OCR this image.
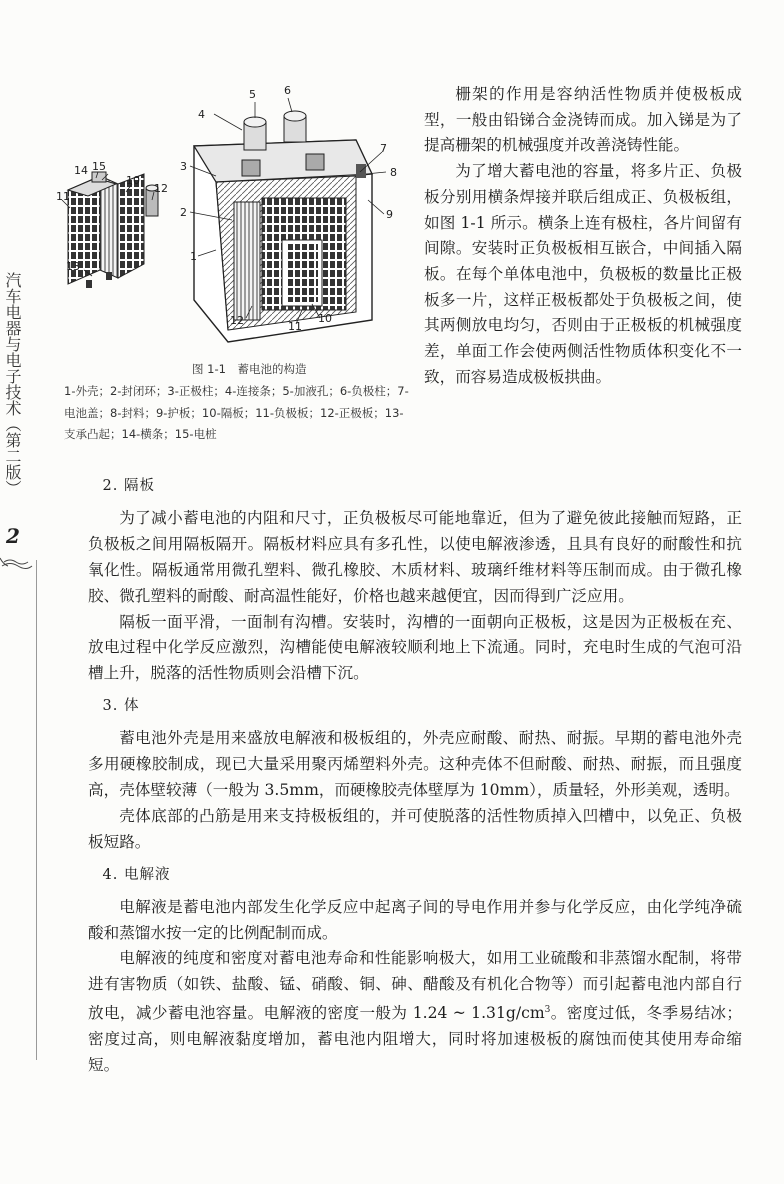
汽车电器与电子技术（第二版）
2
5	6
4
3
7
8
2	9
1
15
14
10
12
11
13
12	11
10
图 1-1　蓄电池的构造
1-外壳；2-封闭环；3-正极柱；4-连接条；5-加液孔；6-负极柱；7-电池盖；8-封料；9-护板；10-隔板；11-负极板；12-正极板；13-支承凸起；14-横条；15-电桩

栅架的作用是容纳活性物质并使极板成型，一般由铅锑合金浇铸而成。加入锑是为了提高栅架的机械强度并改善浇铸性能。

为了增大蓄电池的容量，将多片正、负极板分别用横条焊接并联后组成正、负极板组，如图 1-1 所示。横条上连有极柱，各片间留有间隙。安装时正负极板相互嵌合，中间插入隔板。在每个单体电池中，负极板的数量比正极板多一片，这样正极板都处于负极板之间，使其两侧放电均匀，否则由于正极板的机械强度差，单面工作会使两侧活性物质体积变化不一致，而容易造成极板拱曲。

2. 隔板

为了减小蓄电池的内阻和尺寸，正负极板尽可能地靠近，但为了避免彼此接触而短路，正负极板之间用隔板隔开。隔板材料应具有多孔性，以使电解液渗透，且具有良好的耐酸性和抗氧化性。隔板通常用微孔塑料、微孔橡胶、木质材料、玻璃纤维材料等压制而成。由于微孔橡胶、微孔塑料的耐酸、耐高温性能好，价格也越来越便宜，因而得到广泛应用。

隔板一面平滑，一面制有沟槽。安装时，沟槽的一面朝向正极板，这是因为正极板在充、放电过程中化学反应激烈，沟槽能使电解液较顺利地上下流通。同时，充电时生成的气泡可沿槽上升，脱落的活性物质则会沿槽下沉。

3. 体

蓄电池外壳是用来盛放电解液和极板组的，外壳应耐酸、耐热、耐振。早期的蓄电池外壳多用硬橡胶制成，现已大量采用聚丙烯塑料外壳。这种壳体不但耐酸、耐热、耐振，而且强度高，壳体壁较薄（一般为 3.5mm，而硬橡胶壳体壁厚为 10mm），质量轻，外形美观，透明。

壳体底部的凸筋是用来支持极板组的，并可使脱落的活性物质掉入凹槽中，以免正、负极板短路。

4. 电解液

电解液是蓄电池内部发生化学反应中起离子间的导电作用并参与化学反应，由化学纯净硫酸和蒸馏水按一定的比例配制而成。

电解液的纯度和密度对蓄电池寿命和性能影响极大，如用工业硫酸和非蒸馏水配制，将带进有害物质（如铁、盐酸、锰、硝酸、铜、砷、醋酸及有机化合物等）而引起蓄电池内部自行放电，减少蓄电池容量。电解液的密度一般为 1.24 ~ $1.31g/cm^3$。密度过低，冬季易结冰；密度过高，则电解液黏度增加，蓄电池内阻增大，同时将加速极板的腐蚀而使其使用寿命缩短。
